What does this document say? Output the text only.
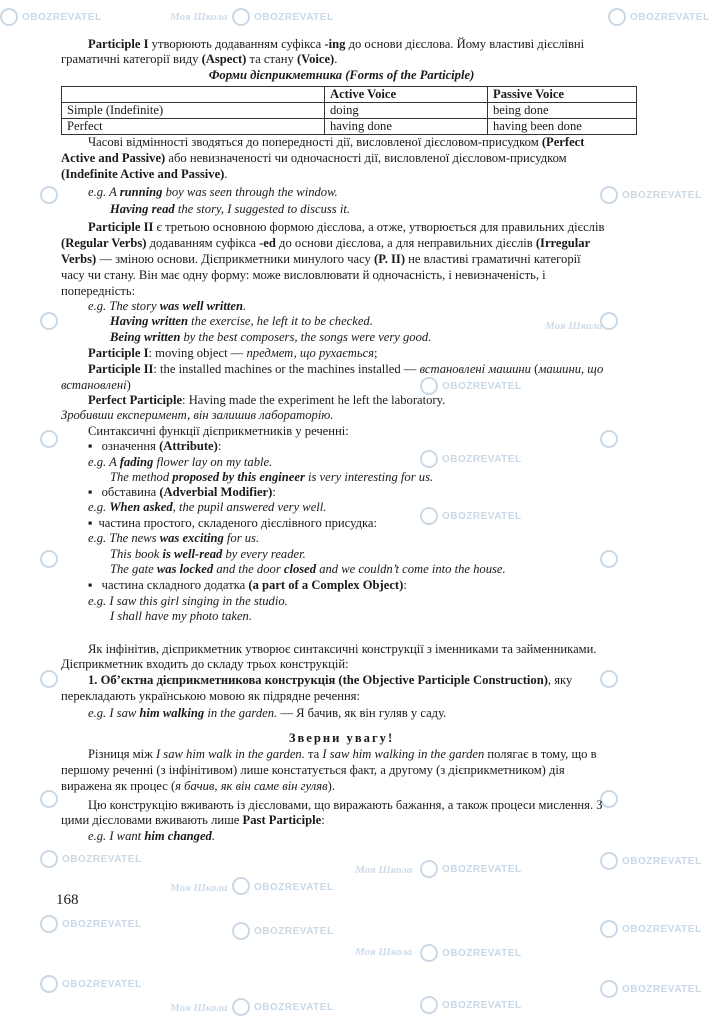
OBOZREVATEL	Моя Школа	OBOZREVATEL	OBOZREVATEL
OBOZREVATEL
Моя Школа
OBOZREVATEL
OBOZREVATEL
OBOZREVATEL
OBOZREVATEL
Моя Школа	OBOZREVATEL
Моя Школа	OBOZREVATEL
OBOZREVATEL
OBOZREVATEL
OBOZREVATEL
Моя Школа	OBOZREVATEL
OBOZREVATEL
OBOZREVATEL
Моя Школа	OBOZREVATEL	OBOZREVATEL
OBOZREVATEL
Participle I утворюють додаванням суфікса -ing до основи дієслова. Йому властиві дієслівні
граматичні категорії виду (Aspect) та стану (Voice).
Форми дієприкметника (Forms of the Participle)
	Active Voice	Passive Voice
Simple (Indefinite)	doing	being done
Perfect	having done	having been done
Часові відмінності зводяться до попередності дії, висловленої дієсловом-присудком (Perfect
Active and Passive) або невизначеності чи одночасності дії, висловленої дієсловом-присудком
(Indefinite Active and Passive).
e.g. A running boy was seen through the window.
Having read the story, I suggested to discuss it.
Participle II є третьою основною формою дієслова, а отже, утворюється для правильних дієслів
(Regular Verbs) додаванням суфікса -ed до основи дієслова, а для неправильних дієслів (Irregular
Verbs) — зміною основи. Дієприкметники минулого часу (P. II) не властиві граматичні категорії
часу чи стану. Він має одну форму: може висловлювати й одночасність, і невизначеність, і
попередність:
e.g. The story was well written.
Having written the exercise, he left it to be checked.
Being written by the best composers, the songs were very good.
Participle I: moving object — предмет, що рухається;
Participle II: the installed machines or the machines installed — встановлені машини (машини, що
встановлені)
Perfect Participle: Having made the experiment he left the laboratory.
Зробивши експеримент, він залишив лабораторію.
Синтаксичні функції дієприкметників у реченні:
▪ означення (Attribute):
e.g. A fading flower lay on my table.
The method proposed by this engineer is very interesting for us.
▪ обставина (Adverbial Modifier):
e.g. When asked, the pupil answered very well.
▪ частина простого, складеного дієслівного присудка:
e.g. The news was exciting for us.
This book is well-read by every reader.
The gate was locked and the door closed and we couldn’t come into the house.
▪ частина складного додатка (a part of a Complex Object):
e.g. I saw this girl singing in the studio.
I shall have my photo taken.
Як інфінітив, дієприкметник утворює синтаксичні конструкції з іменниками та займенниками.
Дієприкметник входить до складу трьох конструкцій:
1. Об’єктна дієприкметникова конструкція (the Objective Participle Construction), яку
перекладають українською мовою як підрядне речення:
e.g. I saw him walking in the garden. — Я бачив, як він гуляв у саду.
Зверни увагу!
Різниця між I saw him walk in the garden. та I saw him walking in the garden полягає в тому, що в
першому реченні (з інфінітивом) лише констатується факт, а другому (з дієприкметником) дія
виражена як процес (я бачив, як він саме він гуляв).
Цю конструкцію вживають із дієсловами, що виражають бажання, а також процеси мислення. З
цими дієсловами вживають лише Past Participle:
e.g. I want him changed.
168
